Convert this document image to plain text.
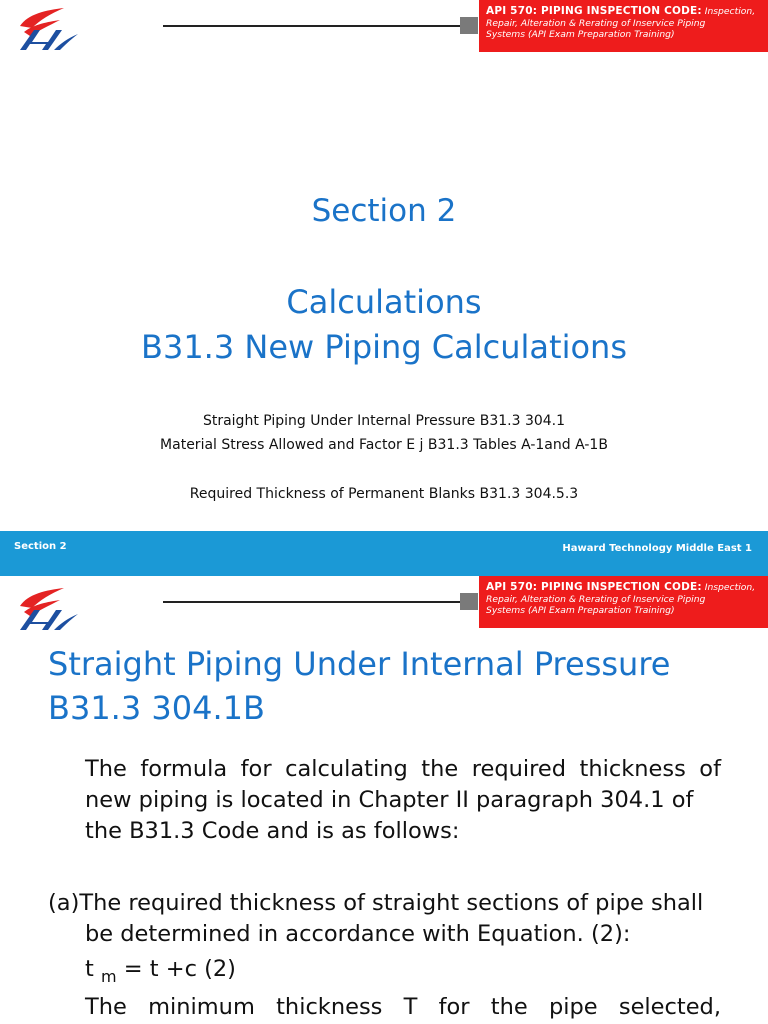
API 570: PIPING INSPECTION CODE: Inspection,
Repair, Alteration & Rerating of Inservice Piping
Systems (API Exam Preparation Training)
Section 2
Calculations
B31.3 New Piping Calculations
Straight Piping Under Internal Pressure B31.3 304.1
Material Stress Allowed and Factor E j B31.3 Tables A-1and A-1B
Required Thickness of Permanent Blanks B31.3 304.5.3
Section 2	Haward Technology Middle East 1
API 570: PIPING INSPECTION CODE: Inspection,
Repair, Alteration & Rerating of Inservice Piping
Systems (API Exam Preparation Training)
Straight Piping Under Internal Pressure
B31.3 304.1B
The formula for calculating the required thickness of new piping is located in Chapter II paragraph 304.1 of
the B31.3 Code and is as follows:
(a)The required thickness of straight sections of pipe shall
be determined in accordance with Equation. (2):
t $_m$ = t +c (2)
The minimum thickness T for the pipe selected,
